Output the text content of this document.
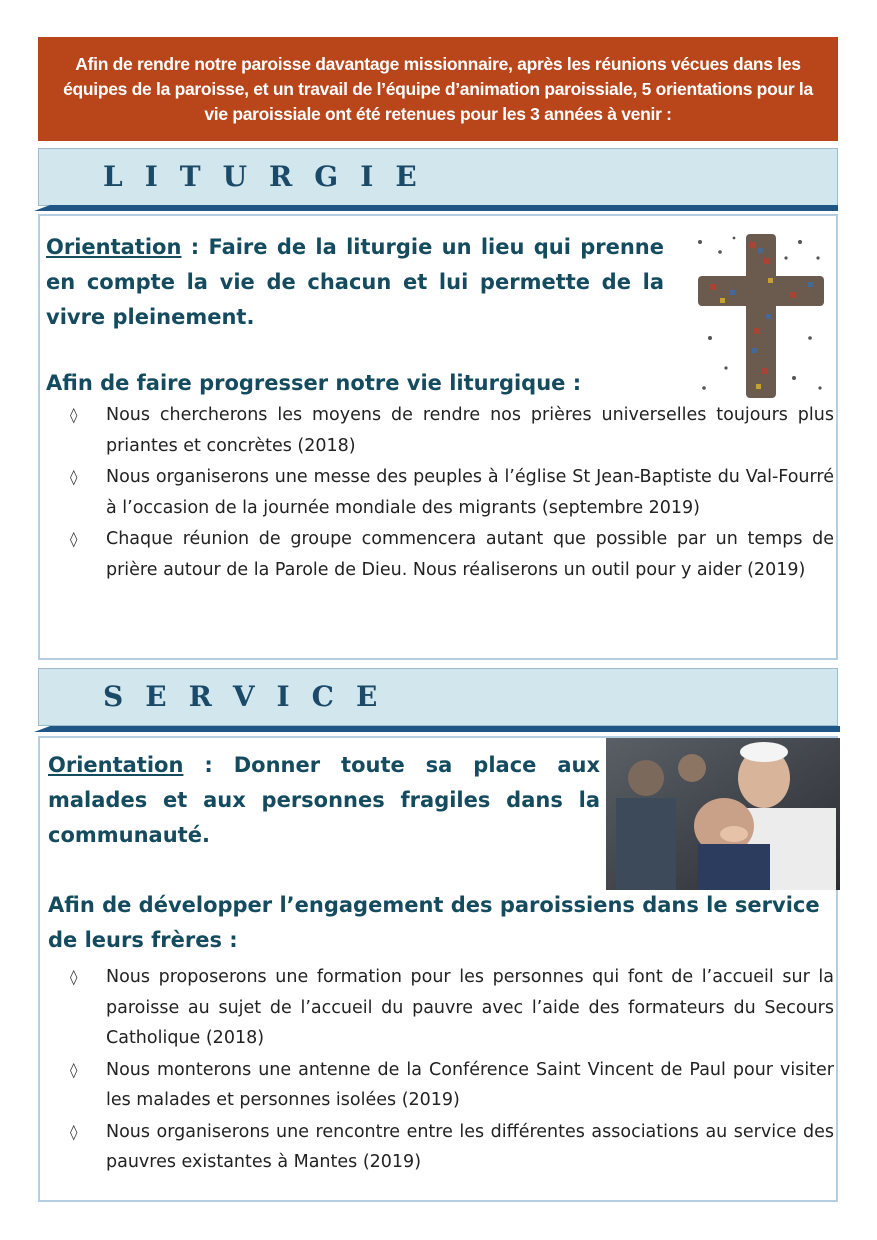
Afin de rendre notre paroisse davantage missionnaire, après les réunions vécues dans les équipes de la paroisse, et un travail de l’équipe d’animation paroissiale, 5 orientations pour la vie paroissiale ont été retenues pour les 3 années à venir :
LITURGIE
Orientation : Faire de la liturgie un lieu qui prenne en compte la vie de chacun et lui permette de la vivre pleinement.
Afin de faire progresser notre vie liturgique :
◊ Nous chercherons les moyens de rendre nos prières universelles toujours plus priantes et concrètes (2018)
◊ Nous organiserons une messe des peuples à l’église St Jean-Baptiste du Val-Fourré à l’occasion de la journée mondiale des migrants (septembre 2019)
◊ Chaque réunion de groupe commencera autant que possible par un temps de prière autour de la Parole de Dieu. Nous réaliserons un outil pour y aider (2019)
SERVICE
Orientation : Donner toute sa place aux malades et aux personnes fragiles dans la communauté.
Afin de développer l’engagement des paroissiens dans le service de leurs frères :
◊ Nous proposerons une formation pour les personnes qui font de l’accueil sur la paroisse au sujet de l’accueil du pauvre avec l’aide des formateurs du Secours Catholique (2018)
◊ Nous monterons une antenne de la Conférence Saint Vincent de Paul pour visiter les malades et personnes isolées (2019)
◊ Nous organiserons une rencontre entre les différentes associations au service des pauvres existantes à Mantes (2019)
